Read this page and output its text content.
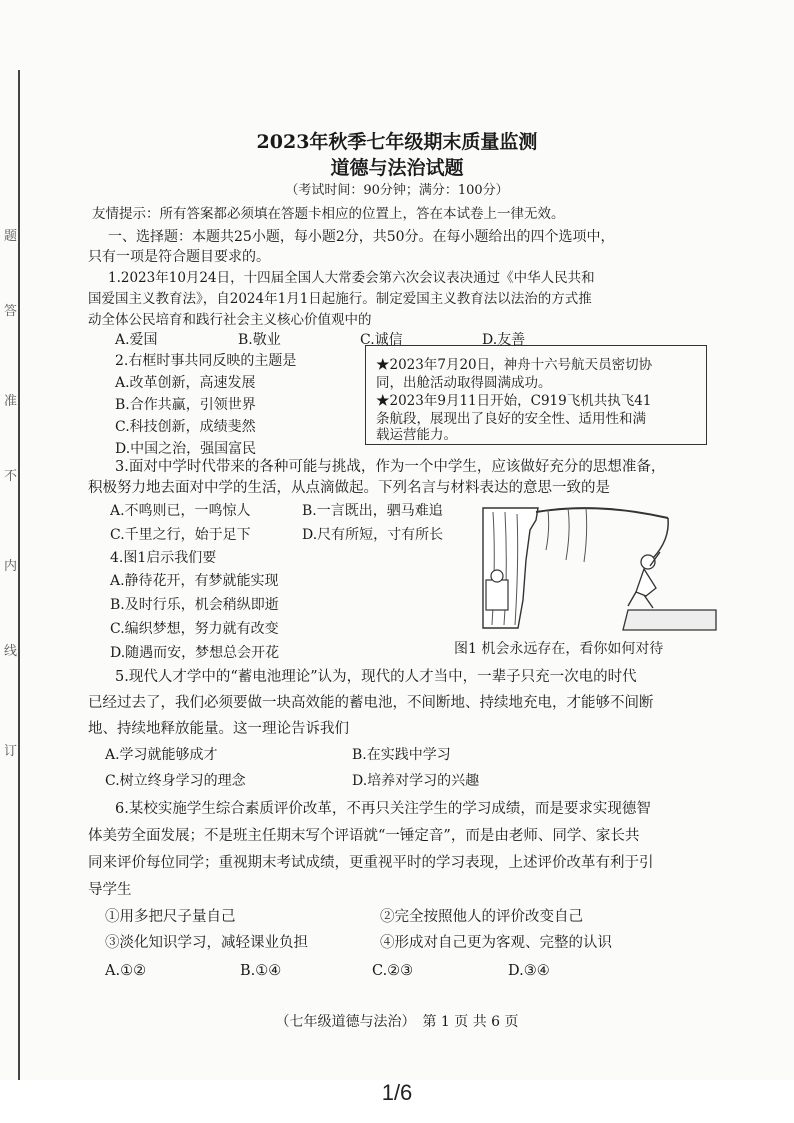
题
答
准
不
内
线
订
2023年秋季七年级期末质量监测
道德与法治试题
（考试时间：90分钟；满分：100分）
友情提示：所有答案都必须填在答题卡相应的位置上，答在本试卷上一律无效。
一、选择题：本题共25小题，每小题2分，共50分。在每小题给出的四个选项中，
只有一项是符合题目要求的。
1.2023年10月24日，十四届全国人大常委会第六次会议表决通过《中华人民共和
国爱国主义教育法》，自2024年1月1日起施行。制定爱国主义教育法以法治的方式推
动全体公民培育和践行社会主义核心价值观中的
A.爱国	B.敬业	C.诚信	D.友善
2.右框时事共同反映的主题是
A.改革创新，高速发展
B.合作共赢，引领世界
C.科技创新，成绩斐然
D.中国之治，强国富民
★2023年7月20日，神舟十六号航天员密切协
同，出舱活动取得圆满成功。
★2023年9月11日开始，C919飞机共执飞41
条航段，展现出了良好的安全性、适用性和满
载运营能力。
3.面对中学时代带来的各种可能与挑战，作为一个中学生，应该做好充分的思想准备，
积极努力地去面对中学的生活，从点滴做起。下列名言与材料表达的意思一致的是
A.不鸣则已，一鸣惊人	B.一言既出，驷马难追
C.千里之行，始于足下	D.尺有所短，寸有所长
4.图1启示我们要
A.静待花开，有梦就能实现
B.及时行乐，机会稍纵即逝
C.编织梦想，努力就有改变
D.随遇而安，梦想总会开花	图1 机会永远存在，看你如何对待
5.现代人才学中的“蓄电池理论”认为，现代的人才当中，一辈子只充一次电的时代
已经过去了，我们必须要做一块高效能的蓄电池，不间断地、持续地充电，才能够不间断
地、持续地释放能量。这一理论告诉我们
A.学习就能够成才	B.在实践中学习
C.树立终身学习的理念	D.培养对学习的兴趣
6.某校实施学生综合素质评价改革，不再只关注学生的学习成绩，而是要求实现德智
体美劳全面发展；不是班主任期末写个评语就“一锤定音”，而是由老师、同学、家长共
同来评价每位同学；重视期末考试成绩，更重视平时的学习表现，上述评价改革有利于引
导学生
①用多把尺子量自己	②完全按照他人的评价改变自己
③淡化知识学习，减轻课业负担	④形成对自己更为客观、完整的认识
A.①②	B.①④	C.②③	D.③④
（七年级道德与法治）　第 1 页 共 6 页
1/6
